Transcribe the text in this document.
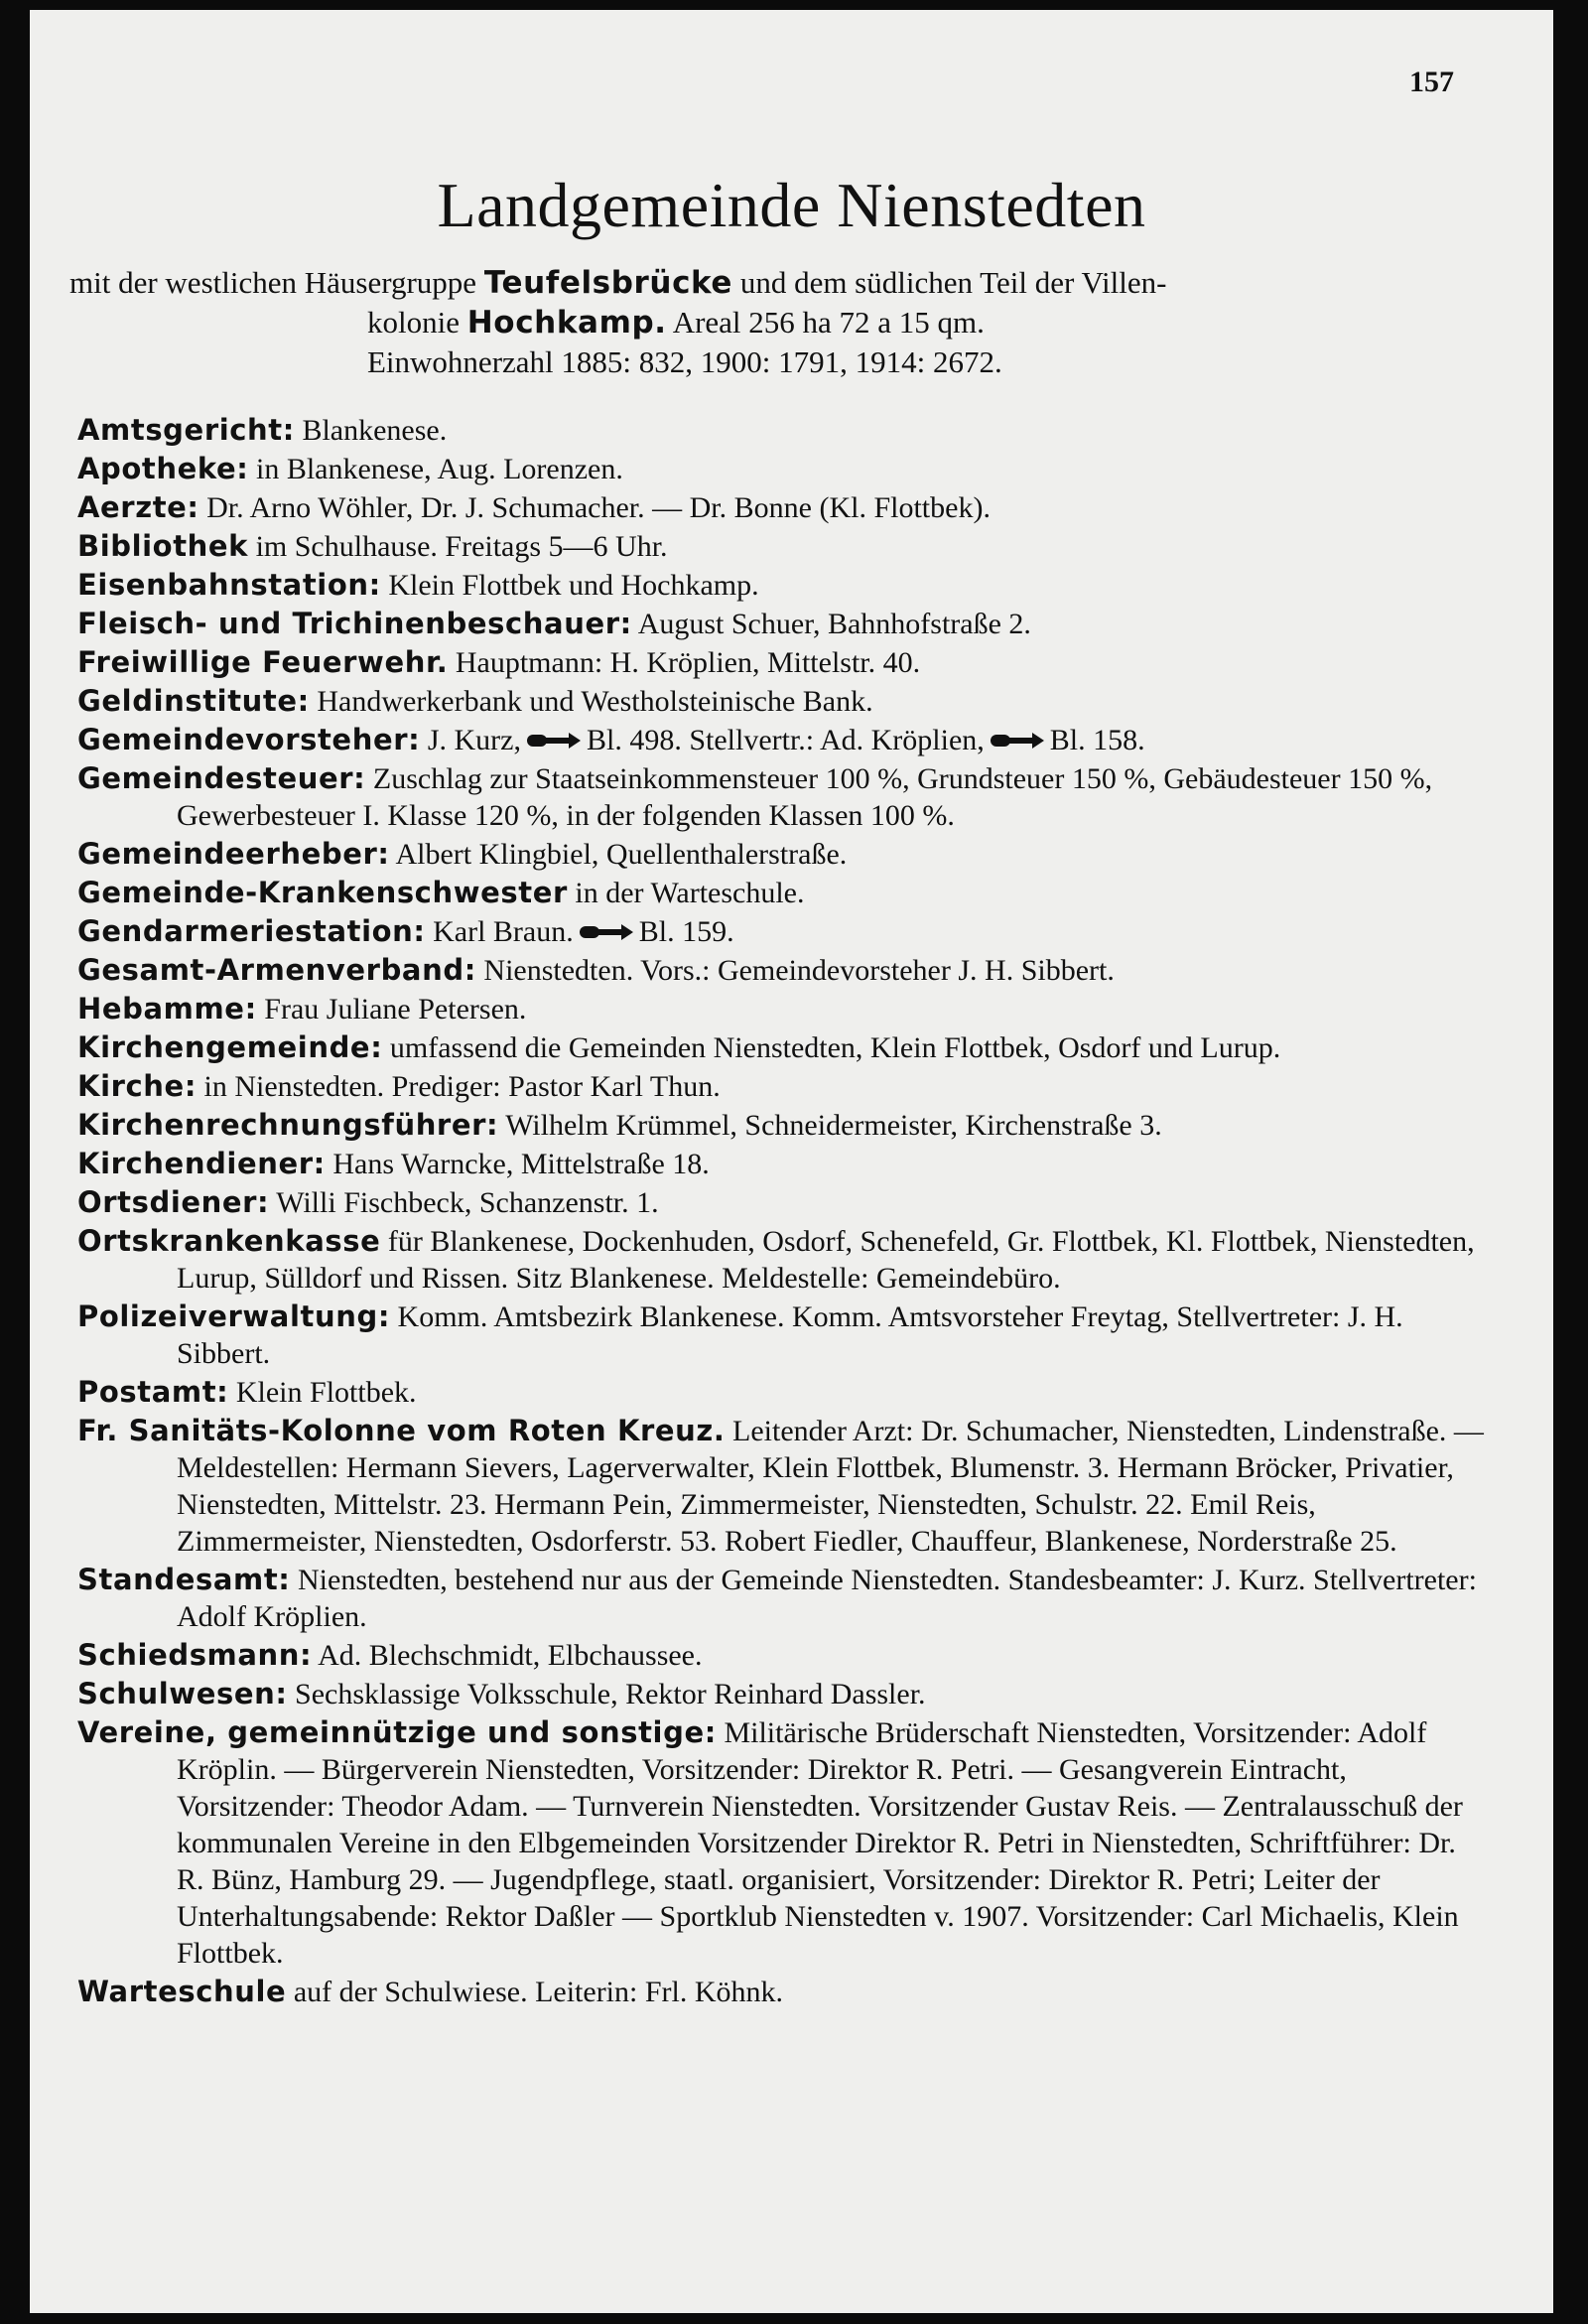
157
Landgemeinde Nienstedten
mit der westlichen Häusergruppe Teufelsbrücke und dem südlichen Teil der Villen-
kolonie Hochkamp. Areal 256 ha 72 a 15 qm.
Einwohnerzahl 1885: 832, 1900: 1791, 1914: 2672.

Amtsgericht: Blankenese.

Apotheke: in Blankenese, Aug. Lorenzen.

Aerzte: Dr. Arno Wöhler, Dr. J. Schumacher. — Dr. Bonne (Kl. Flottbek).

Bibliothek im Schulhause. Freitags 5—6 Uhr.

Eisenbahnstation: Klein Flottbek und Hochkamp.

Fleisch- und Trichinenbeschauer: August Schuer, Bahnhofstraße 2.

Freiwillige Feuerwehr. Hauptmann: H. Kröplien, Mittelstr. 40.

Geldinstitute: Handwerkerbank und Westholsteinische Bank.

Gemeindevorsteher: J. Kurz, Bl. 498. Stellvertr.: Ad. Kröplien, Bl. 158.

Gemeindesteuer: Zuschlag zur Staatseinkommensteuer 100 %, Grundsteuer 150 %, Gebäudesteuer 150 %, Gewerbesteuer I. Klasse 120 %, in der folgenden Klassen 100 %.

Gemeindeerheber: Albert Klingbiel, Quellenthalerstraße.

Gemeinde-Krankenschwester in der Warteschule.

Gendarmeriestation: Karl Braun. Bl. 159.

Gesamt-Armenverband: Nienstedten. Vors.: Gemeindevorsteher J. H. Sibbert.

Hebamme: Frau Juliane Petersen.

Kirchengemeinde: umfassend die Gemeinden Nienstedten, Klein Flottbek, Osdorf und Lurup.

Kirche: in Nienstedten. Prediger: Pastor Karl Thun.

Kirchenrechnungsführer: Wilhelm Krümmel, Schneidermeister, Kirchenstraße 3.

Kirchendiener: Hans Warncke, Mittelstraße 18.

Ortsdiener: Willi Fischbeck, Schanzenstr. 1.

Ortskrankenkasse für Blankenese, Dockenhuden, Osdorf, Schenefeld, Gr. Flottbek, Kl. Flottbek, Nienstedten, Lurup, Sülldorf und Rissen. Sitz Blankenese. Meldestelle: Gemeindebüro.

Polizeiverwaltung: Komm. Amtsbezirk Blankenese. Komm. Amtsvorsteher Freytag, Stellvertreter: J. H. Sibbert.

Postamt: Klein Flottbek.

Fr. Sanitäts-Kolonne vom Roten Kreuz. Leitender Arzt: Dr. Schumacher, Nienstedten, Lindenstraße. — Meldestellen: Hermann Sievers, Lagerverwalter, Klein Flottbek, Blumenstr. 3. Hermann Bröcker, Privatier, Nienstedten, Mittelstr. 23. Hermann Pein, Zimmermeister, Nienstedten, Schulstr. 22. Emil Reis, Zimmermeister, Nienstedten, Osdorferstr. 53. Robert Fiedler, Chauffeur, Blankenese, Norderstraße 25.

Standesamt: Nienstedten, bestehend nur aus der Gemeinde Nienstedten. Standesbeamter: J. Kurz. Stellvertreter: Adolf Kröplien.

Schiedsmann: Ad. Blechschmidt, Elbchaussee.

Schulwesen: Sechsklassige Volksschule, Rektor Reinhard Dassler.

Vereine, gemeinnützige und sonstige: Militärische Brüderschaft Nienstedten, Vorsitzender: Adolf Kröplin. — Bürgerverein Nienstedten, Vorsitzender: Direktor R. Petri. — Gesangverein Eintracht, Vorsitzender: Theodor Adam. — Turnverein Nienstedten. Vorsitzender Gustav Reis. — Zentralausschuß der kommunalen Vereine in den Elbgemeinden Vorsitzender Direktor R. Petri in Nienstedten, Schriftführer: Dr. R. Bünz, Hamburg 29. — Jugendpflege, staatl. organisiert, Vorsitzender: Direktor R. Petri; Leiter der Unterhaltungsabende: Rektor Daßler — Sportklub Nienstedten v. 1907. Vorsitzender: Carl Michaelis, Klein Flottbek.

Warteschule auf der Schulwiese. Leiterin: Frl. Köhnk.
